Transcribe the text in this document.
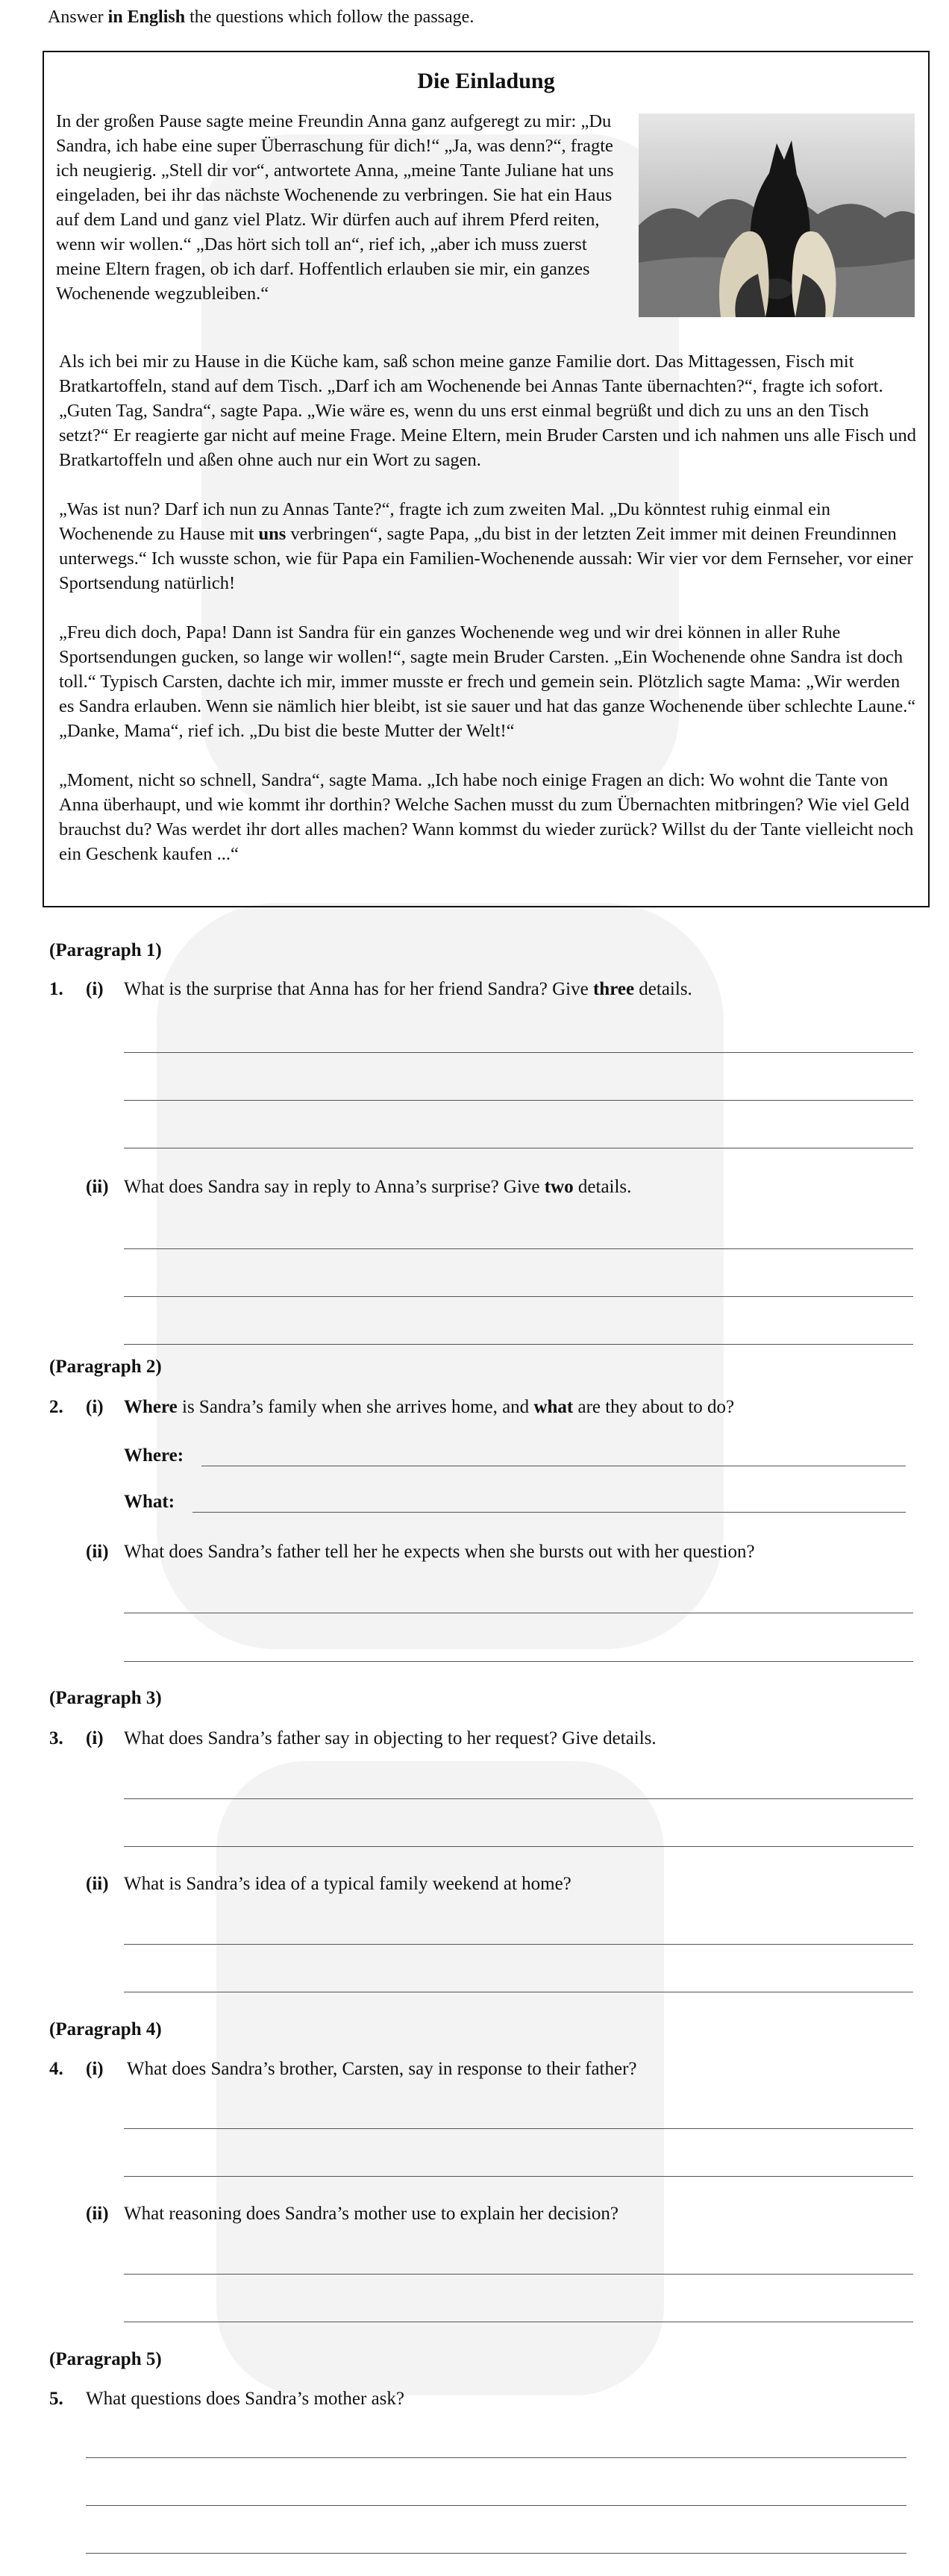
Answer in English the questions which follow the passage.
Die Einladung
In der großen Pause sagte meine Freundin Anna ganz aufgeregt zu mir: „Du Sandra, ich habe eine super Überraschung für dich!“ „Ja, was denn?“, fragte ich neugierig. „Stell dir vor“, antwortete Anna, „meine Tante Juliane hat uns eingeladen, bei ihr das nächste Wochenende zu verbringen. Sie hat ein Haus auf dem Land und ganz viel Platz. Wir dürfen auch auf ihrem Pferd reiten, wenn wir wollen.“ „Das hört sich toll an“, rief ich, „aber ich muss zuerst meine Eltern fragen, ob ich darf. Hoffentlich erlauben sie mir, ein ganzes Wochenende wegzubleiben.“
Als ich bei mir zu Hause in die Küche kam, saß schon meine ganze Familie dort. Das Mittagessen, Fisch mit Bratkartoffeln, stand auf dem Tisch. „Darf ich am Wochenende bei Annas Tante übernachten?“, fragte ich sofort. „Guten Tag, Sandra“, sagte Papa. „Wie wäre es, wenn du uns erst einmal begrüßt und dich zu uns an den Tisch setzt?“ Er reagierte gar nicht auf meine Frage. Meine Eltern, mein Bruder Carsten und ich nahmen uns alle Fisch und Bratkartoffeln und aßen ohne auch nur ein Wort zu sagen.
„Was ist nun? Darf ich nun zu Annas Tante?“, fragte ich zum zweiten Mal. „Du könntest ruhig einmal ein Wochenende zu Hause mit uns verbringen“, sagte Papa, „du bist in der letzten Zeit immer mit deinen Freundinnen unterwegs.“ Ich wusste schon, wie für Papa ein Familien-Wochenende aussah: Wir vier vor dem Fernseher, vor einer Sportsendung natürlich!
„Freu dich doch, Papa! Dann ist Sandra für ein ganzes Wochenende weg und wir drei können in aller Ruhe Sportsendungen gucken, so lange wir wollen!“, sagte mein Bruder Carsten. „Ein Wochenende ohne Sandra ist doch toll.“ Typisch Carsten, dachte ich mir, immer musste er frech und gemein sein. Plötzlich sagte Mama: „Wir werden es Sandra erlauben. Wenn sie nämlich hier bleibt, ist sie sauer und hat das ganze Wochenende über schlechte Laune.“ „Danke, Mama“, rief ich. „Du bist die beste Mutter der Welt!“
„Moment, nicht so schnell, Sandra“, sagte Mama. „Ich habe noch einige Fragen an dich: Wo wohnt die Tante von Anna überhaupt, und wie kommt ihr dorthin? Welche Sachen musst du zum Übernachten mitbringen? Wie viel Geld brauchst du? Was werdet ihr dort alles machen? Wann kommst du wieder zurück? Willst du der Tante vielleicht noch ein Geschenk kaufen ...“
(Paragraph 1)
1. (i) What is the surprise that Anna has for her friend Sandra? Give three details.
(ii) What does Sandra say in reply to Anna’s surprise? Give two details.
(Paragraph 2)
2. (i) Where is Sandra’s family when she arrives home, and what are they about to do?
Where:
What:
(ii) What does Sandra’s father tell her he expects when she bursts out with her question?
(Paragraph 3)
3. (i) What does Sandra’s father say in objecting to her request? Give details.
(ii) What is Sandra’s idea of a typical family weekend at home?
(Paragraph 4)
4. (i) What does Sandra’s brother, Carsten, say in response to their father?
(ii) What reasoning does Sandra’s mother use to explain her decision?
(Paragraph 5)
5. What questions does Sandra’s mother ask?
